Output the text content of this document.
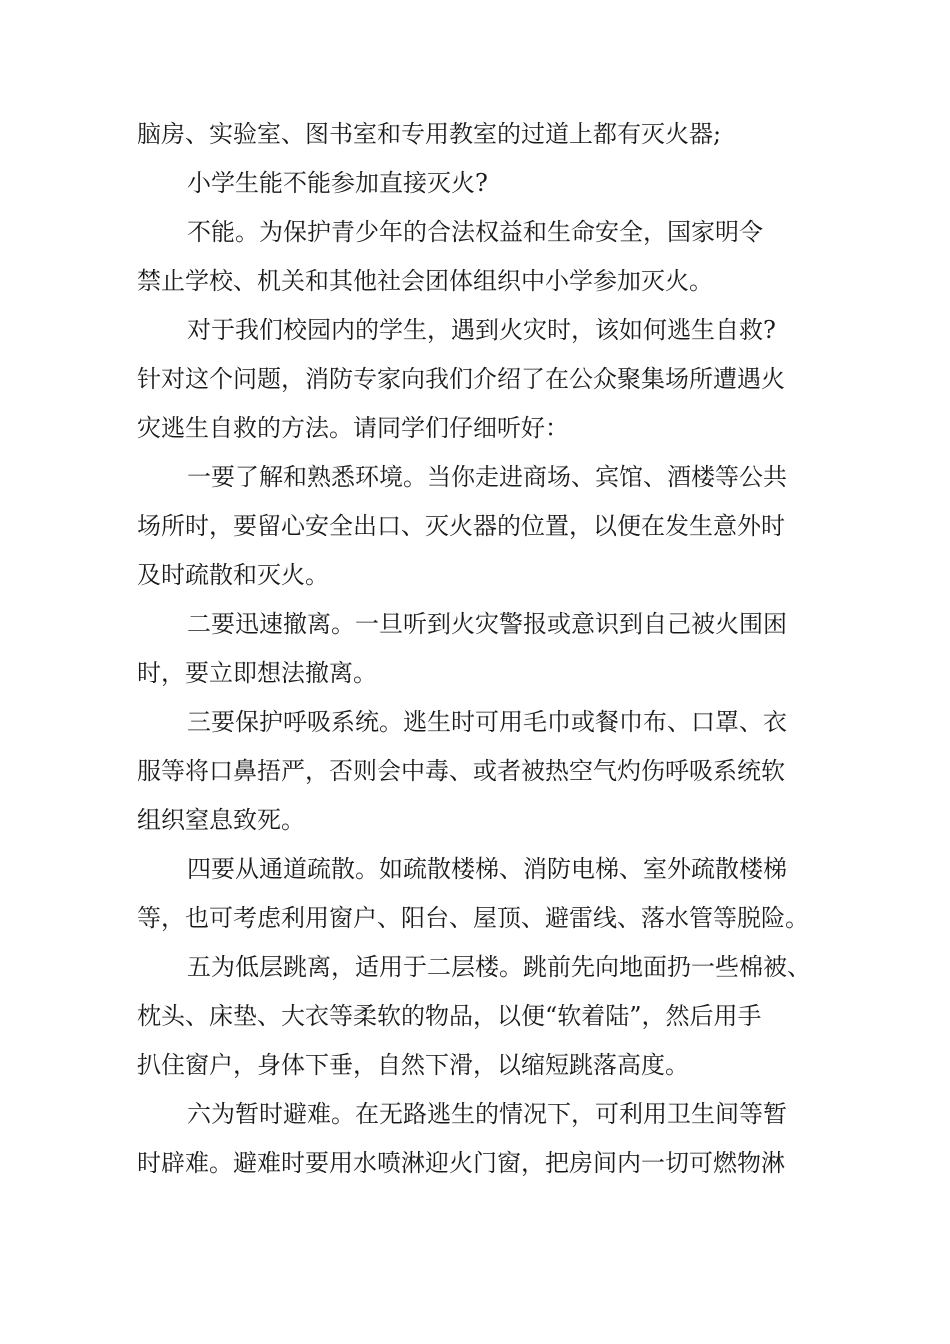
脑房、实验室、图书室和专用教室的过道上都有灭火器;
小学生能不能参加直接灭火?
不能。为保护青少年的合法权益和生命安全，国家明令
禁止学校、机关和其他社会团体组织中小学参加灭火。
对于我们校园内的学生，遇到火灾时，该如何逃生自救?
针对这个问题，消防专家向我们介绍了在公众聚集场所遭遇火
灾逃生自救的方法。请同学们仔细听好：
一要了解和熟悉环境。当你走进商场、宾馆、酒楼等公共
场所时，要留心安全出口、灭火器的位置，以便在发生意外时
及时疏散和灭火。
二要迅速撤离。一旦听到火灾警报或意识到自己被火围困
时，要立即想法撤离。
三要保护呼吸系统。逃生时可用毛巾或餐巾布、口罩、衣
服等将口鼻捂严，否则会中毒、或者被热空气灼伤呼吸系统软
组织窒息致死。
四要从通道疏散。如疏散楼梯、消防电梯、室外疏散楼梯
等，也可考虑利用窗户、阳台、屋顶、避雷线、落水管等脱险。
五为低层跳离，适用于二层楼。跳前先向地面扔一些棉被、
枕头、床垫、大衣等柔软的物品，以便“软着陆”，然后用手
扒住窗户，身体下垂，自然下滑，以缩短跳落高度。
六为暂时避难。在无路逃生的情况下，可利用卫生间等暂
时辟难。避难时要用水喷淋迎火门窗，把房间内一切可燃物淋
